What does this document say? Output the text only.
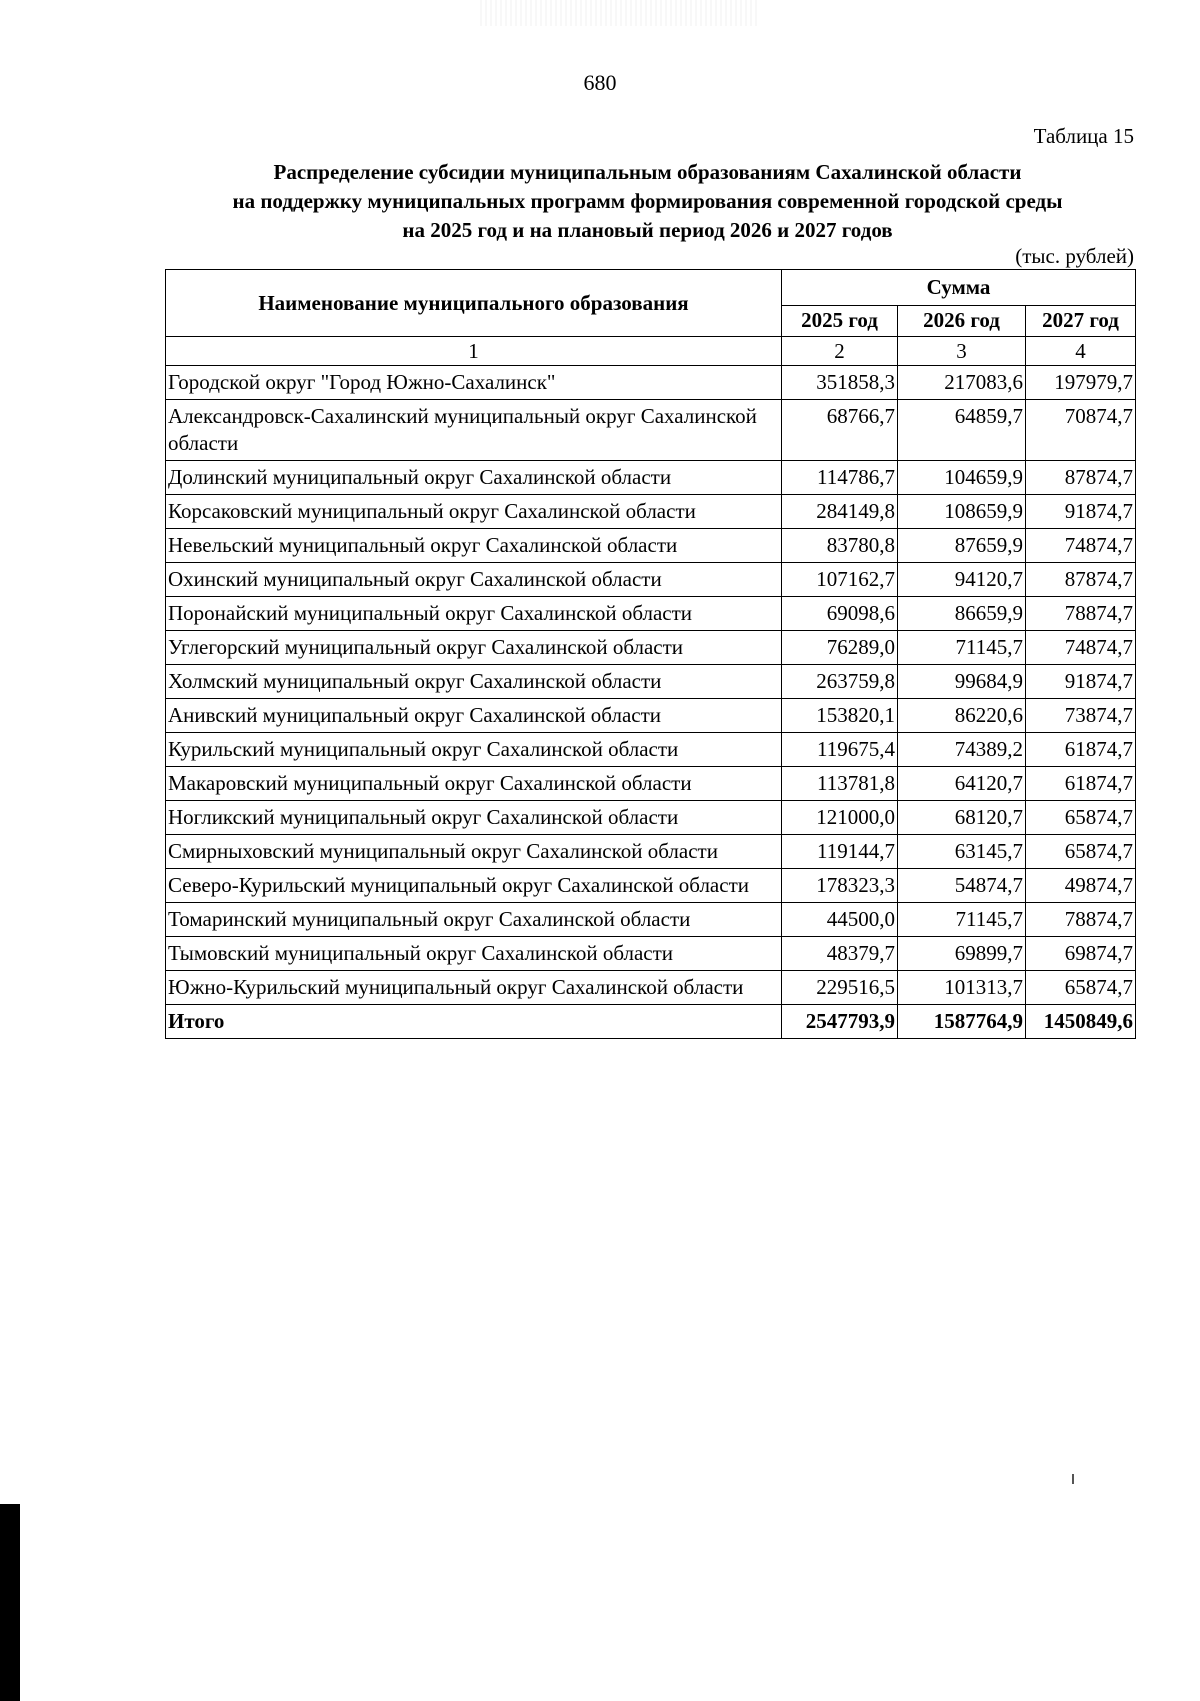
680
Таблица 15
Распределение субсидии муниципальным образованиям Сахалинской области
на поддержку муниципальных программ формирования современной городской среды
на 2025 год и на плановый период 2026 и 2027 годов
(тыс. рублей)
Наименование муниципального образования	Сумма		
	2025 год	2026 год	2027 год
1	2	3	4
Городской округ "Город Южно-Сахалинск"	351858,3	217083,6	197979,7
Александровск-Сахалинский муниципальный округ Сахалинской области	68766,7	64859,7	70874,7
Долинский муниципальный округ Сахалинской области	114786,7	104659,9	87874,7
Корсаковский муниципальный округ Сахалинской области	284149,8	108659,9	91874,7
Невельский муниципальный округ Сахалинской области	83780,8	87659,9	74874,7
Охинский муниципальный округ Сахалинской области	107162,7	94120,7	87874,7
Поронайский муниципальный округ Сахалинской области	69098,6	86659,9	78874,7
Углегорский муниципальный округ Сахалинской области	76289,0	71145,7	74874,7
Холмский муниципальный округ Сахалинской области	263759,8	99684,9	91874,7
Анивский муниципальный округ Сахалинской области	153820,1	86220,6	73874,7
Курильский муниципальный округ Сахалинской области	119675,4	74389,2	61874,7
Макаровский муниципальный округ Сахалинской области	113781,8	64120,7	61874,7
Ногликский муниципальный округ Сахалинской области	121000,0	68120,7	65874,7
Смирныховский муниципальный округ Сахалинской области	119144,7	63145,7	65874,7
Северо-Курильский муниципальный округ Сахалинской области	178323,3	54874,7	49874,7
Томаринский муниципальный округ Сахалинской области	44500,0	71145,7	78874,7
Тымовский муниципальный округ Сахалинской области	48379,7	69899,7	69874,7
Южно-Курильский муниципальный округ Сахалинской области	229516,5	101313,7	65874,7
Итого	2547793,9	1587764,9	1450849,6
